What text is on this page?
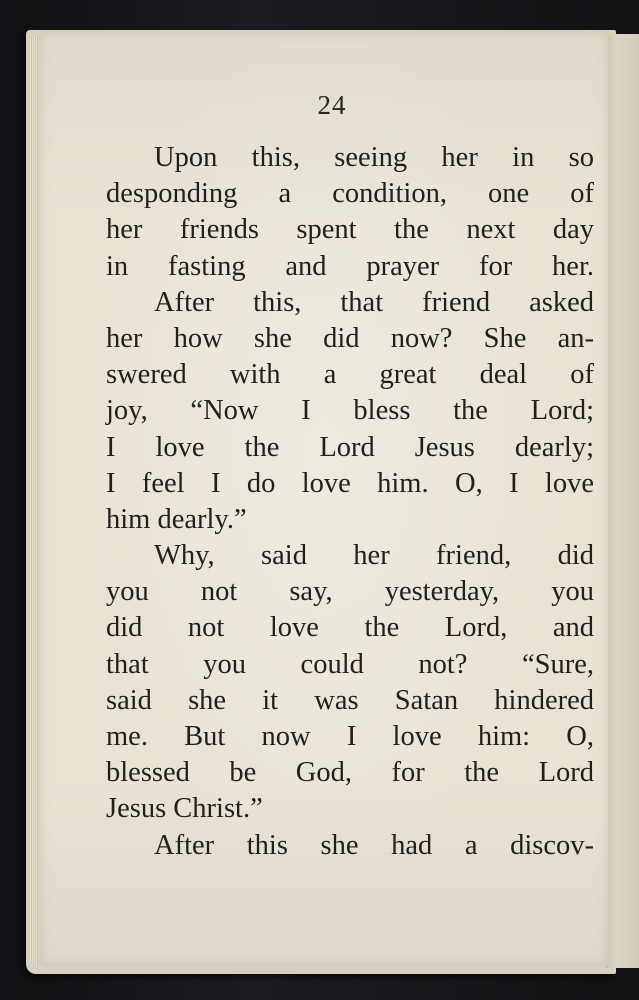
24
Upon this, seeing her in so
desponding a condition, one of
her friends spent the next day
in fasting and prayer for her.
After this, that friend asked
her how she did now? She an-
swered with a great deal of
joy, “Now I bless the Lord;
I love the Lord Jesus dearly;
I feel I do love him. O, I love
him dearly.”
Why, said her friend, did
you not say, yesterday, you
did not love the Lord, and
that you could not? “Sure,
said she it was Satan hindered
me. But now I love him: O,
blessed be God, for the Lord
Jesus Christ.”
After this she had a discov-
